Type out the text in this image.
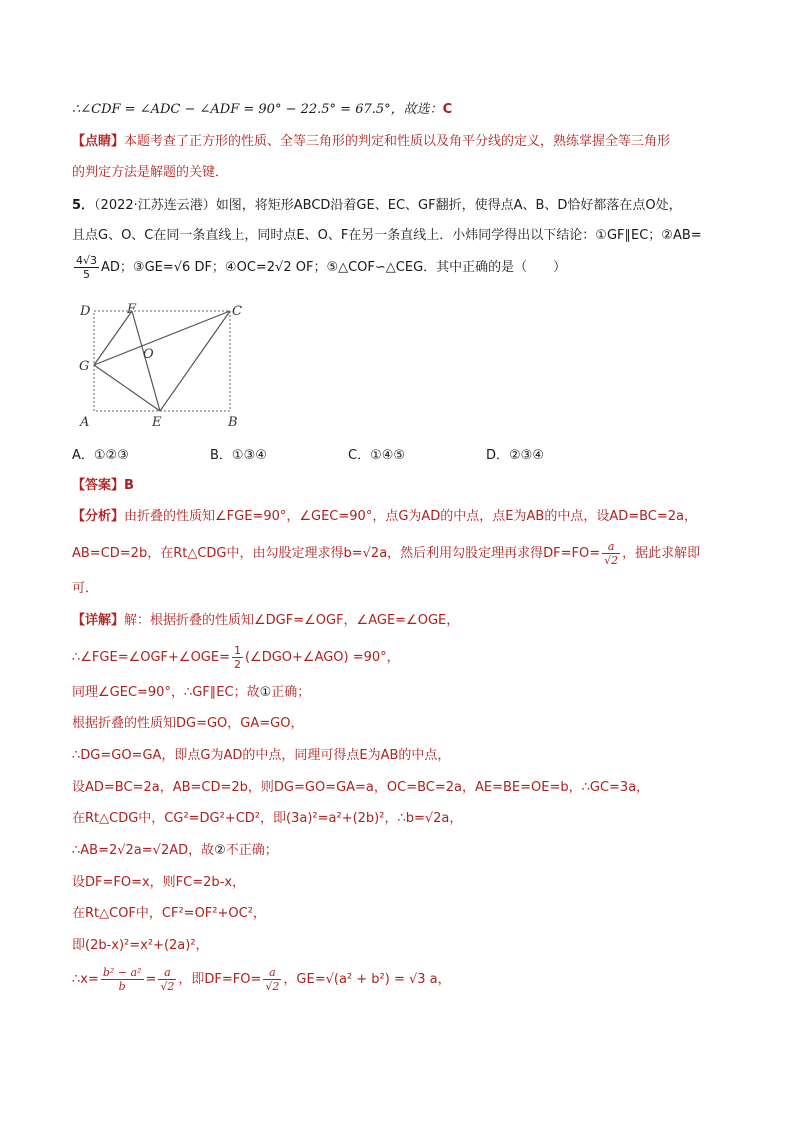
∴∠CDF = ∠ADC − ∠ADF = 90° − 22.5° = 67.5°，故选：C
【点睛】本题考查了正方形的性质、全等三角形的判定和性质以及角平分线的定义，熟练掌握全等三角形
的判定方法是解题的关键．
5．（2022·江苏连云港）如图，将矩形ABCD沿着GE、EC、GF翻折，使得点A、B、D恰好都落在点O处，
且点G、O、C在同一条直线上，同时点E、O、F在另一条直线上．小炜同学得出以下结论：①GF∥EC；②AB=
$\frac{4√3}{5}$ AD；③GE=√6 DF；④OC=2√2 OF；⑤△COF∽△CEG．其中正确的是（　　）
D	F	C
G
O
A	E	B
A．①②③	B．①③④	C．①④⑤	D．②③④
【答案】B
【分析】由折叠的性质知∠FGE=90°，∠GEC=90°，点G为AD的中点，点E为AB的中点，设AD=BC=2a，
AB=CD=2b，在Rt△CDG中，由勾股定理求得b=√2a，然后利用勾股定理再求得$DF=FO= \frac{a}{√2}$ ，据此求解即
可．
【详解】解：根据折叠的性质知∠DGF=∠OGF，∠AGE=∠OGE，
∴∠FGE=∠OGF+∠OGE= $\frac{1}{2}$ (∠DGO+∠AGO) =90°，
同理∠GEC=90°，∴GF∥EC；故①正确；
根据折叠的性质知DG=GO，GA=GO，
∴DG=GO=GA，即点G为AD的中点，同理可得点E为AB的中点，
设AD=BC=2a，AB=CD=2b，则DG=GO=GA=a，OC=BC=2a，AE=BE=OE=b，∴GC=3a，
在Rt△CDG中，CG²=DG²+CD²，即(3a)²=a²+(2b)²，∴b=√2a，
∴AB=2√2a=√2AD，故②不正确；
设DF=FO=x，则FC=2b-x，
在Rt△COF中，CF²=OF²+OC²，
即(2b-x)²=x²+(2a)²，
∴x= $\frac{\text{b² − a²}}{b} = \frac{a}{√2}$ ，即$DF=FO= \frac{a}{√2}$ ，GE=√(a² + b²) = √3 a，
